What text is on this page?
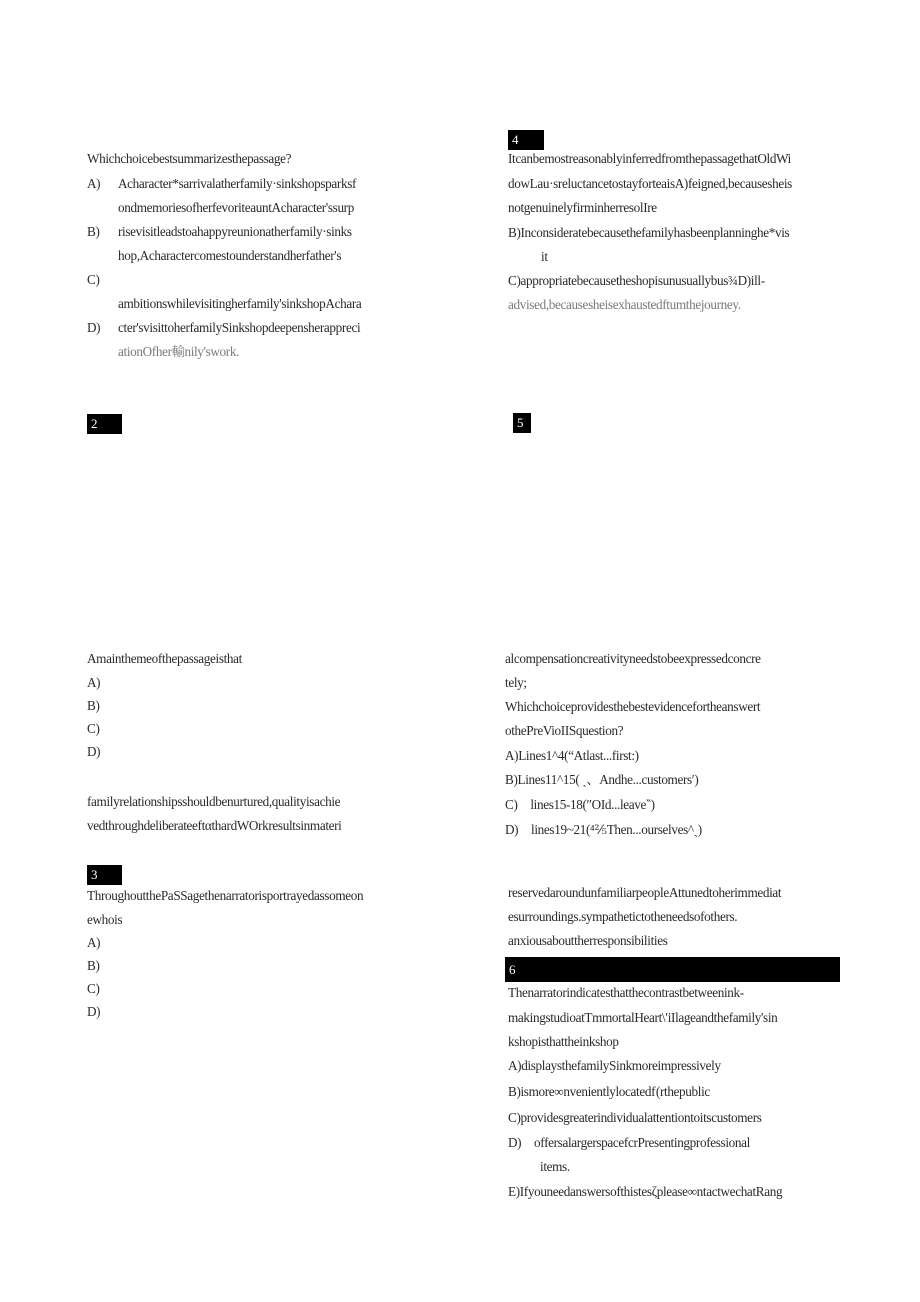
Whichchoicebestsummarizesthepassage?
A)
B)
C)
D)
Acharacter*sarrivalatherfamily·sinkshopsparksf
ondmemoriesofherfevoriteauntAcharacter'ssurp
risevisitleadstoahappyreunionatherfamily·sinks
hop,Acharactercomestounderstandherfather's
ambitionswhilevisitingherfamily'sinkshopAchara
cter'svisittoherfamilySinkshopdeepensherappreci
ationOfher輸nily'swork.
2
Amainthemeofthepassageisthat
A)
B)
C)
D)
familyrelationshipsshouldbenurtured,qualityisachie
vedthroughdeliberateeftαthardWOrkresultsinmateri
3
ThroughoutthePaSSagethenarratorisportrayedassomeon
ewhois
A)
B)
C)
D)
4
ItcanbemostreasonablyinferredfromthepassagethatOldWi
dowLau·sreluctancetostayforteaisA)feigned,becausesheis
notgenuinelyfirminherresolIre
B)Inconsideratebecausethefamilyhasbeenplanninghe*vis
it
C)appropriatebecausetheshopisunusuallybus¾D)ill-
advised,becausesheisexhaustedftumthejourney.
5
alcompensationcreativityneedstobeexpressedconcre
tely;
Whichchoiceprovidesthebestevidencefortheanswert
othePreVioIISquestion?
A)Lines1^4(“Atlast...first:)
B)Lines11^15( ˎ、Andhe...customers′)
C) lines15-18(″OId...leave‶)
D) lines19~21(⁴⅖Then...ourselves^ˎ)
reservedaroundunfamiliarpeopleAttunedtoherimmediat
esurroundings.sympathetictotheneedsofothers.
anxiousabouttherresponsibilities
6
Thenarratorindicatesthatthecontrastbetweenink-
makingstudioatTmmortalHeart\′iIlageandthefamily'sin
kshopisthattheinkshop
A)displaysthefamilySinkmoreimpressively
B)ismore∞nvenientlylocatedf (rthepublic
C)providesgreaterindividualattentiontoitscustomers
D) offersalargerspacefcrPresentingprofessional
items.
E)Ifyouneedanswersofthistesζplease∞ntactwechatRang
